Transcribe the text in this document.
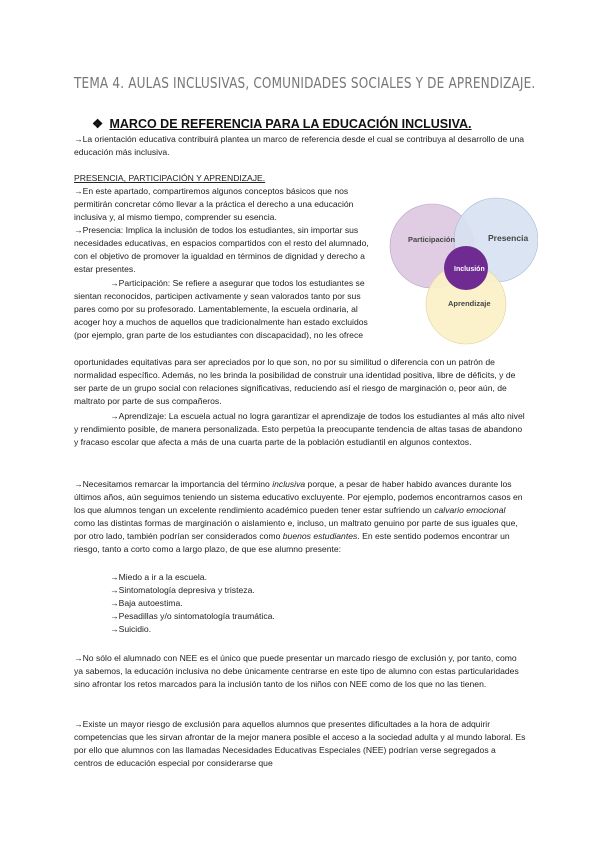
TEMA 4. AULAS INCLUSIVAS, COMUNIDADES SOCIALES Y DE APRENDIZAJE.
❖ MARCO DE REFERENCIA PARA LA EDUCACIÓN INCLUSIVA.
→La orientación educativa contribuirá plantea un marco de referencia desde el cual se contribuya al desarrollo de una educación más inclusiva.
PRESENCIA, PARTICIPACIÓN Y APRENDIZAJE.
→En este apartado, compartiremos algunos conceptos básicos que nos permitirán concretar cómo llevar a la práctica el derecho a una educación inclusiva y, al mismo tiempo, comprender su esencia.
→Presencia: Implica la inclusión de todos los estudiantes, sin importar sus necesidades educativas, en espacios compartidos con el resto del alumnado, con el objetivo de promover la igualdad en términos de dignidad y derecho a estar presentes.
→Participación: Se refiere a asegurar que todos los estudiantes se sientan reconocidos, participen activamente y sean valorados tanto por sus pares como por su profesorado. Lamentablemente, la escuela ordinaria, al acoger hoy a muchos de aquellos que tradicionalmente han estado excluidos (por ejemplo, gran parte de los estudiantes con discapacidad), no les ofrece
oportunidades equitativas para ser apreciados por lo que son, no por su similitud o diferencia con un patrón de normalidad específico. Además, no les brinda la posibilidad de construir una identidad positiva, libre de déficits, y de ser parte de un grupo social con relaciones significativas, reduciendo así el riesgo de marginación o, peor aún, de maltrato por parte de sus compañeros.
→Aprendizaje: La escuela actual no logra garantizar el aprendizaje de todos los estudiantes al más alto nivel y rendimiento posible, de manera personalizada. Esto perpetúa la preocupante tendencia de altas tasas de abandono y fracaso escolar que afecta a más de una cuarta parte de la población estudiantil en algunos contextos.
Participación	Presencia
Inclusión
Aprendizaje
→Necesitamos remarcar la importancia del término inclusiva porque, a pesar de haber habido avances durante los últimos años, aún seguimos teniendo un sistema educativo excluyente. Por ejemplo, podemos encontrarnos casos en los que alumnos tengan un excelente rendimiento académico pueden tener estar sufriendo un calvario emocional como las distintas formas de marginación o aislamiento e, incluso, un maltrato genuino por parte de sus iguales que, por otro lado, también podrían ser considerados como buenos estudiantes. En este sentido podemos encontrar un riesgo, tanto a corto como a largo plazo, de que ese alumno presente:
→Miedo a ir a la escuela.
→Sintomatología depresiva y tristeza.
→Baja autoestima.
→Pesadillas y/o sintomatología traumática.
→Suicidio.
→No sólo el alumnado con NEE es el único que puede presentar un marcado riesgo de exclusión y, por tanto, como ya sabemos, la educación inclusiva no debe únicamente centrarse en este tipo de alumno con estas particularidades sino afrontar los retos marcados para la inclusión tanto de los niños con NEE como de los que no las tienen.
→Existe un mayor riesgo de exclusión para aquellos alumnos que presentes dificultades a la hora de adquirir competencias que les sirvan afrontar de la mejor manera posible el acceso a la sociedad adulta y al mundo laboral. Es por ello que alumnos con las llamadas Necesidades Educativas Especiales (NEE) podrían verse segregados a centros de educación especial por considerarse que
